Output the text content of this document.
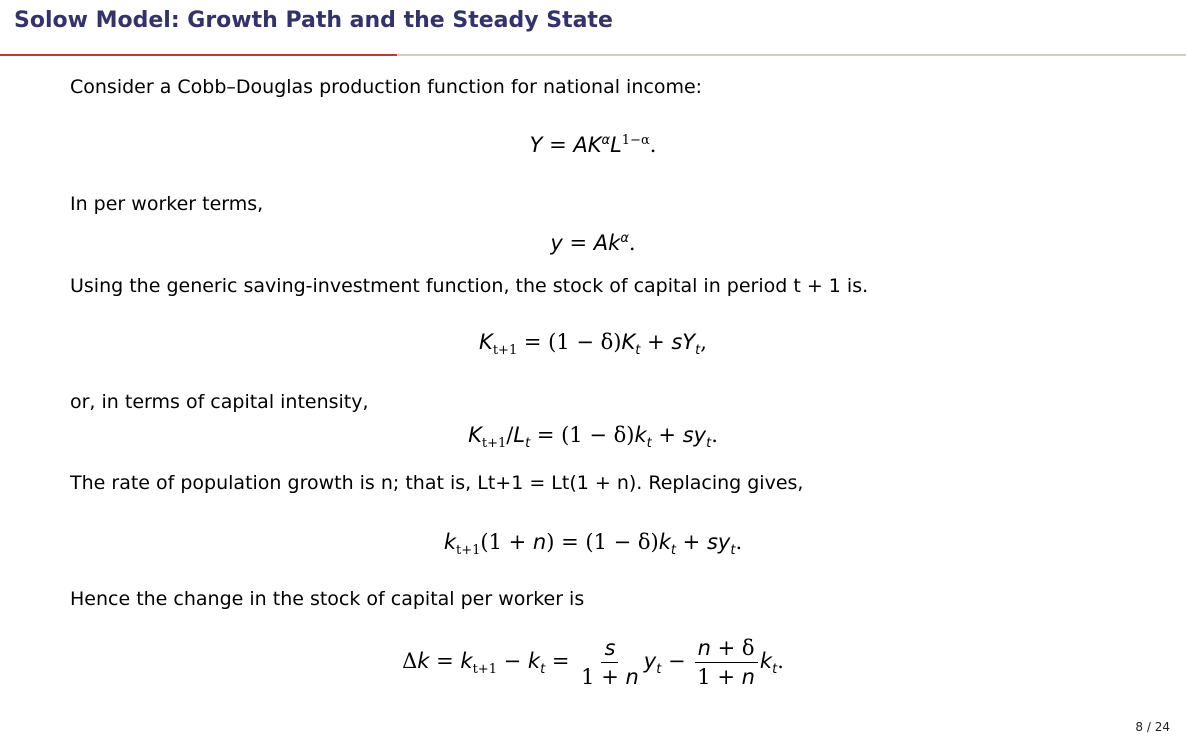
Solow Model: Growth Path and the Steady State
Consider a Cobb–Douglas production function for national income:
$Y = AK^\alpha L^{1-\alpha}$.
In per worker terms,
$y = Ak^\alpha$.
Using the generic saving-investment function, the stock of capital in period t + 1 is.
$K_{t+1} = (1 - \delta)K_t + sY_t$,
or, in terms of capital intensity,
$K_{t+1}/L_t = (1 - \delta)k_t + sy_t$.
The rate of population growth is n; that is, Lt+1 = Lt(1 + n). Replacing gives,
$k_{t+1}(1 + n) = (1 - \delta)k_t + sy_t$.
Hence the change in the stock of capital per worker is
$\Delta k = k_{t+1} - k_t = \frac{s}{1 + n} y_t - \frac{n + \delta}{1 + n} k_t$.
8 / 24
